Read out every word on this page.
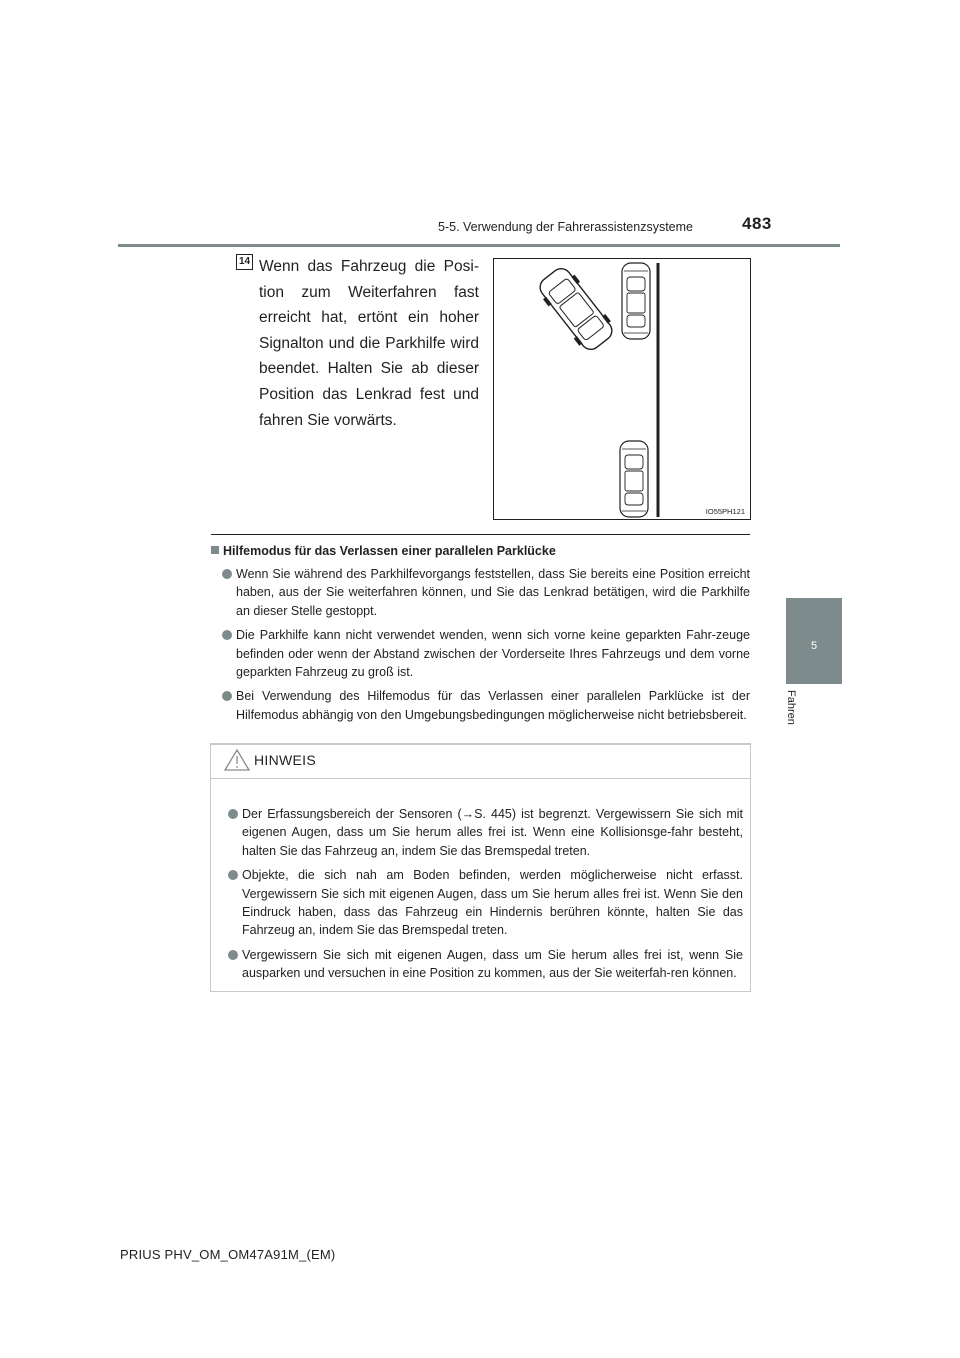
5-5. Verwendung der Fahrerassistenzsysteme	483
5
Fahren
14 Wenn das Fahrzeug die Posi-tion zum Weiterfahren fast erreicht hat, ertönt ein hoher Signalton und die Parkhilfe wird beendet. Halten Sie ab dieser Position das Lenkrad fest und fahren Sie vorwärts.
IO55PH121
Hilfemodus für das Verlassen einer parallelen Parklücke
Wenn Sie während des Parkhilfevorgangs feststellen, dass Sie bereits eine Position erreicht haben, aus der Sie weiterfahren können, und Sie das Lenkrad betätigen, wird die Parkhilfe an dieser Stelle gestoppt.
Die Parkhilfe kann nicht verwendet wenden, wenn sich vorne keine geparkten Fahr-zeuge befinden oder wenn der Abstand zwischen der Vorderseite Ihres Fahrzeugs und dem vorne geparkten Fahrzeug zu groß ist.
Bei Verwendung des Hilfemodus für das Verlassen einer parallelen Parklücke ist der Hilfemodus abhängig von den Umgebungsbedingungen möglicherweise nicht betriebsbereit.
HINWEIS
Der Erfassungsbereich der Sensoren (→S. 445) ist begrenzt. Vergewissern Sie sich mit eigenen Augen, dass um Sie herum alles frei ist. Wenn eine Kollisionsge-fahr besteht, halten Sie das Fahrzeug an, indem Sie das Bremspedal treten.
Objekte, die sich nah am Boden befinden, werden möglicherweise nicht erfasst. Vergewissern Sie sich mit eigenen Augen, dass um Sie herum alles frei ist. Wenn Sie den Eindruck haben, dass das Fahrzeug ein Hindernis berühren könnte, halten Sie das Fahrzeug an, indem Sie das Bremspedal treten.
Vergewissern Sie sich mit eigenen Augen, dass um Sie herum alles frei ist, wenn Sie ausparken und versuchen in eine Position zu kommen, aus der Sie weiterfah-ren können.
PRIUS PHV_OM_OM47A91M_(EM)
